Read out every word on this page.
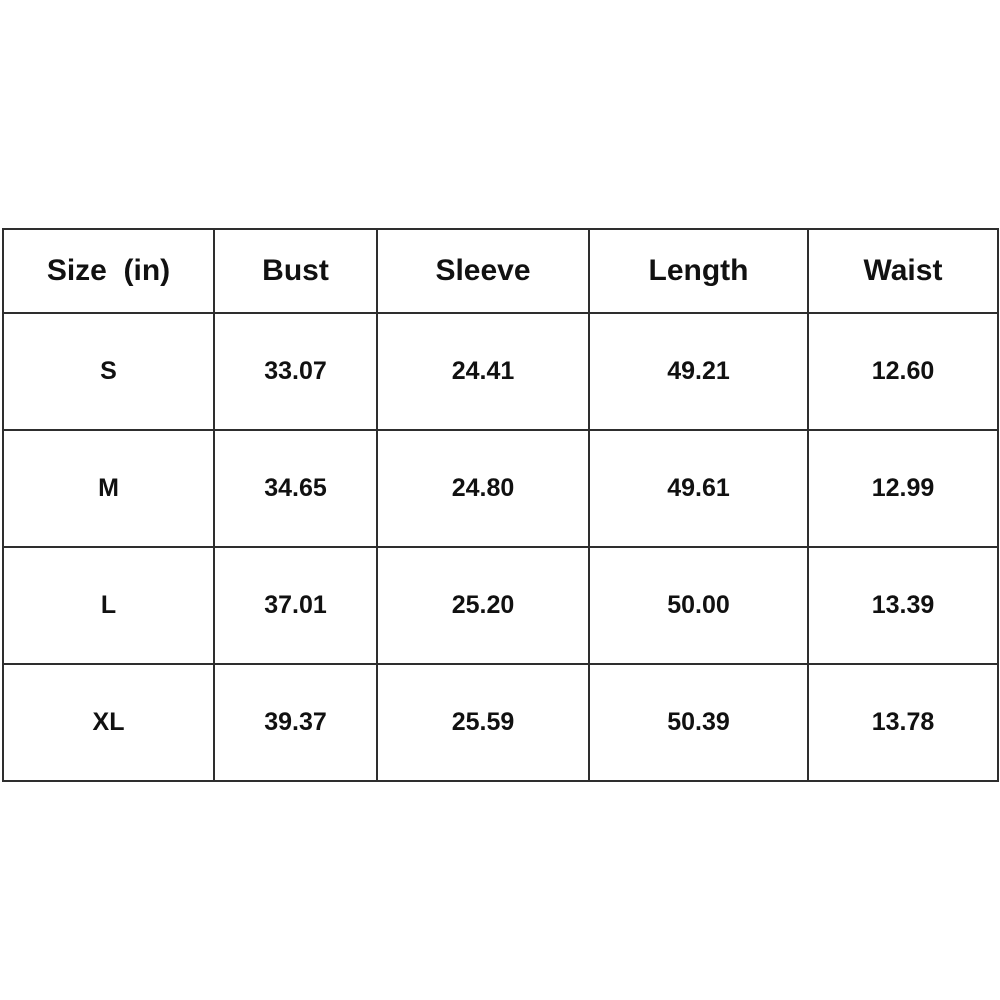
Size  (in)	Bust	Sleeve	Length	Waist
S	33.07	24.41	49.21	12.60
M	34.65	24.80	49.61	12.99
L	37.01	25.20	50.00	13.39
XL	39.37	25.59	50.39	13.78
